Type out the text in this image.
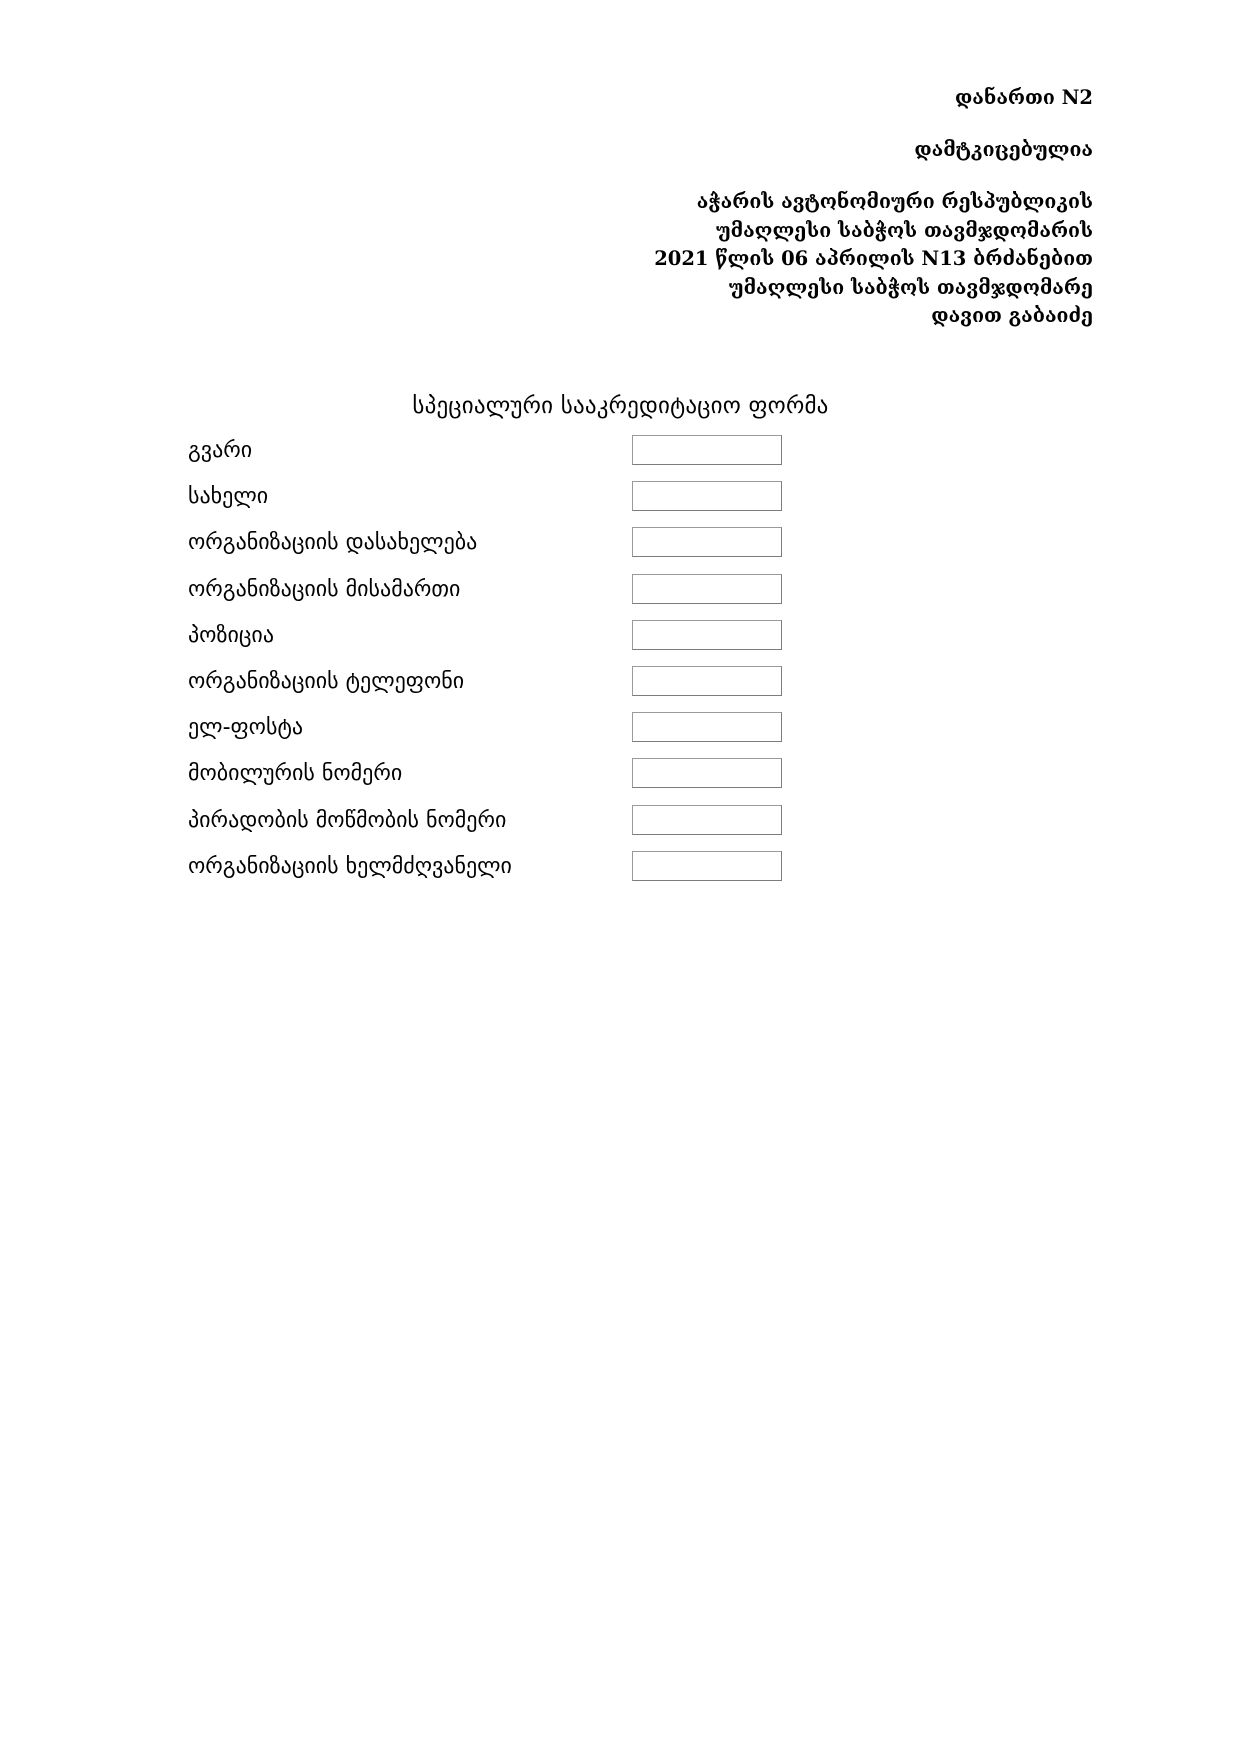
დანართი N2
დამტკიცებულია
აჭარის ავტონომიური რესპუბლიკის
უმაღლესი საბჭოს თავმჯდომარის
2021 წლის 06 აპრილის N13 ბრძანებით
უმაღლესი საბჭოს თავმჯდომარე
დავით გაბაიძე
სპეციალური სააკრედიტაციო ფორმა
გვარი
სახელი
ორგანიზაციის დასახელება
ორგანიზაციის მისამართი
პოზიცია
ორგანიზაციის ტელეფონი
ელ-ფოსტა
მობილურის ნომერი
პირადობის მოწმობის ნომერი
ორგანიზაციის ხელმძღვანელი
